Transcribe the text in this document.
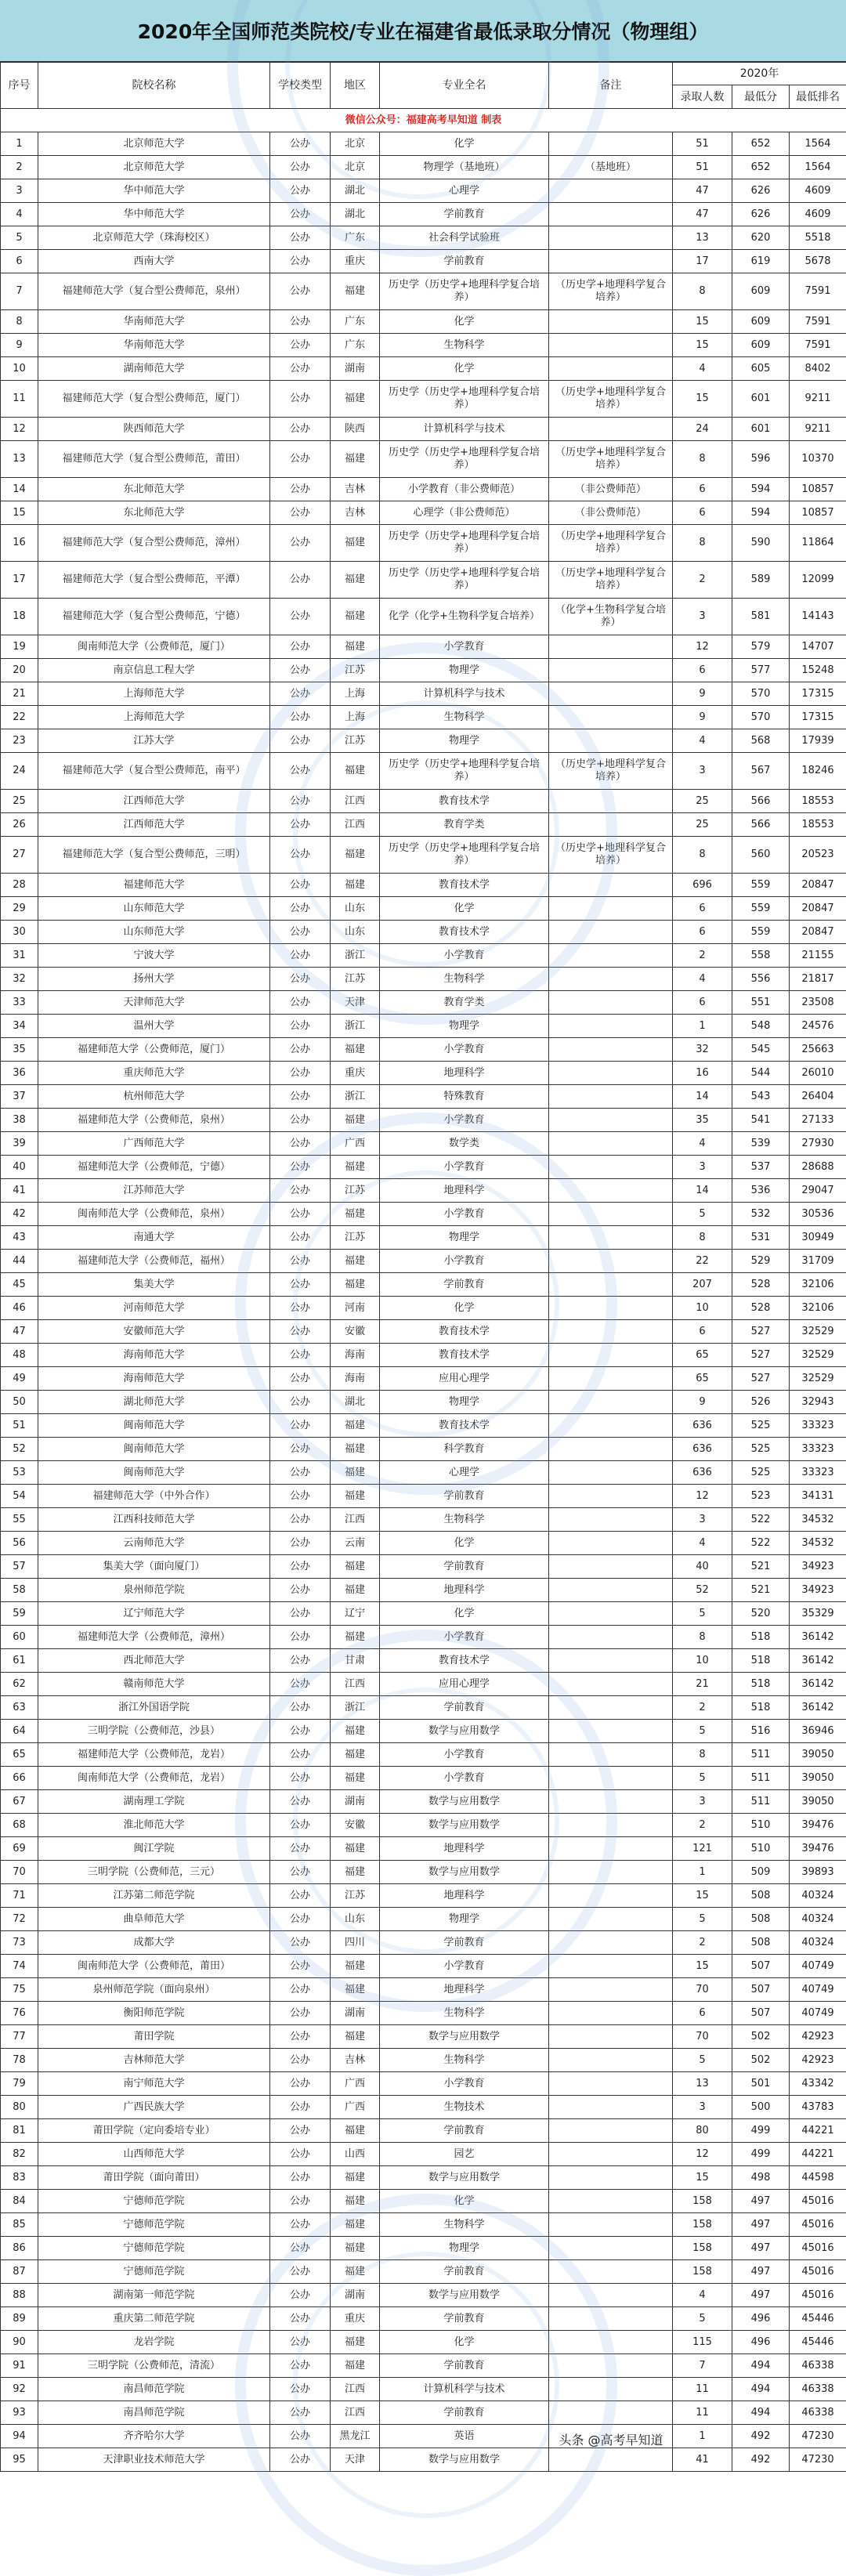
2020年全国师范类院校/专业在福建省最低录取分情况（物理组）
序号	院校名称	学校类型	地区	专业全名	备注	2020年		
						录取人数	最低分	最低排名
微信公众号：福建高考早知道 制表								
1	北京师范大学	公办	北京	化学		51	652	1564
2	北京师范大学	公办	北京	物理学（基地班）	（基地班）	51	652	1564
3	华中师范大学	公办	湖北	心理学		47	626	4609
4	华中师范大学	公办	湖北	学前教育		47	626	4609
5	北京师范大学（珠海校区）	公办	广东	社会科学试验班		13	620	5518
6	西南大学	公办	重庆	学前教育		17	619	5678
7	福建师范大学（复合型公费师范，泉州）	公办	福建	历史学（历史学+地理科学复合培养）	（历史学+地理科学复合培养）	8	609	7591
8	华南师范大学	公办	广东	化学		15	609	7591
9	华南师范大学	公办	广东	生物科学		15	609	7591
10	湖南师范大学	公办	湖南	化学		4	605	8402
11	福建师范大学（复合型公费师范，厦门）	公办	福建	历史学（历史学+地理科学复合培养）	（历史学+地理科学复合培养）	15	601	9211
12	陕西师范大学	公办	陕西	计算机科学与技术		24	601	9211
13	福建师范大学（复合型公费师范，莆田）	公办	福建	历史学（历史学+地理科学复合培养）	（历史学+地理科学复合培养）	8	596	10370
14	东北师范大学	公办	吉林	小学教育（非公费师范）	（非公费师范）	6	594	10857
15	东北师范大学	公办	吉林	心理学（非公费师范）	（非公费师范）	6	594	10857
16	福建师范大学（复合型公费师范，漳州）	公办	福建	历史学（历史学+地理科学复合培养）	（历史学+地理科学复合培养）	8	590	11864
17	福建师范大学（复合型公费师范，平潭）	公办	福建	历史学（历史学+地理科学复合培养）	（历史学+地理科学复合培养）	2	589	12099
18	福建师范大学（复合型公费师范，宁德）	公办	福建	化学（化学+生物科学复合培养）	（化学+生物科学复合培养）	3	581	14143
19	闽南师范大学（公费师范，厦门）	公办	福建	小学教育		12	579	14707
20	南京信息工程大学	公办	江苏	物理学		6	577	15248
21	上海师范大学	公办	上海	计算机科学与技术		9	570	17315
22	上海师范大学	公办	上海	生物科学		9	570	17315
23	江苏大学	公办	江苏	物理学		4	568	17939
24	福建师范大学（复合型公费师范，南平）	公办	福建	历史学（历史学+地理科学复合培养）	（历史学+地理科学复合培养）	3	567	18246
25	江西师范大学	公办	江西	教育技术学		25	566	18553
26	江西师范大学	公办	江西	教育学类		25	566	18553
27	福建师范大学（复合型公费师范，三明）	公办	福建	历史学（历史学+地理科学复合培养）	（历史学+地理科学复合培养）	8	560	20523
28	福建师范大学	公办	福建	教育技术学		696	559	20847
29	山东师范大学	公办	山东	化学		6	559	20847
30	山东师范大学	公办	山东	教育技术学		6	559	20847
31	宁波大学	公办	浙江	小学教育		2	558	21155
32	扬州大学	公办	江苏	生物科学		4	556	21817
33	天津师范大学	公办	天津	教育学类		6	551	23508
34	温州大学	公办	浙江	物理学		1	548	24576
35	福建师范大学（公费师范，厦门）	公办	福建	小学教育		32	545	25663
36	重庆师范大学	公办	重庆	地理科学		16	544	26010
37	杭州师范大学	公办	浙江	特殊教育		14	543	26404
38	福建师范大学（公费师范，泉州）	公办	福建	小学教育		35	541	27133
39	广西师范大学	公办	广西	数学类		4	539	27930
40	福建师范大学（公费师范，宁德）	公办	福建	小学教育		3	537	28688
41	江苏师范大学	公办	江苏	地理科学		14	536	29047
42	闽南师范大学（公费师范，泉州）	公办	福建	小学教育		5	532	30536
43	南通大学	公办	江苏	物理学		8	531	30949
44	福建师范大学（公费师范，福州）	公办	福建	小学教育		22	529	31709
45	集美大学	公办	福建	学前教育		207	528	32106
46	河南师范大学	公办	河南	化学		10	528	32106
47	安徽师范大学	公办	安徽	教育技术学		6	527	32529
48	海南师范大学	公办	海南	教育技术学		65	527	32529
49	海南师范大学	公办	海南	应用心理学		65	527	32529
50	湖北师范大学	公办	湖北	物理学		9	526	32943
51	闽南师范大学	公办	福建	教育技术学		636	525	33323
52	闽南师范大学	公办	福建	科学教育		636	525	33323
53	闽南师范大学	公办	福建	心理学		636	525	33323
54	福建师范大学（中外合作）	公办	福建	学前教育		12	523	34131
55	江西科技师范大学	公办	江西	生物科学		3	522	34532
56	云南师范大学	公办	云南	化学		4	522	34532
57	集美大学（面向厦门）	公办	福建	学前教育		40	521	34923
58	泉州师范学院	公办	福建	地理科学		52	521	34923
59	辽宁师范大学	公办	辽宁	化学		5	520	35329
60	福建师范大学（公费师范，漳州）	公办	福建	小学教育		8	518	36142
61	西北师范大学	公办	甘肃	教育技术学		10	518	36142
62	赣南师范大学	公办	江西	应用心理学		21	518	36142
63	浙江外国语学院	公办	浙江	学前教育		2	518	36142
64	三明学院（公费师范，沙县）	公办	福建	数学与应用数学		5	516	36946
65	福建师范大学（公费师范，龙岩）	公办	福建	小学教育		8	511	39050
66	闽南师范大学（公费师范，龙岩）	公办	福建	小学教育		5	511	39050
67	湖南理工学院	公办	湖南	数学与应用数学		3	511	39050
68	淮北师范大学	公办	安徽	数学与应用数学		2	510	39476
69	闽江学院	公办	福建	地理科学		121	510	39476
70	三明学院（公费师范，三元）	公办	福建	数学与应用数学		1	509	39893
71	江苏第二师范学院	公办	江苏	地理科学		15	508	40324
72	曲阜师范大学	公办	山东	物理学		5	508	40324
73	成都大学	公办	四川	学前教育		2	508	40324
74	闽南师范大学（公费师范，莆田）	公办	福建	小学教育		15	507	40749
75	泉州师范学院（面向泉州）	公办	福建	地理科学		70	507	40749
76	衡阳师范学院	公办	湖南	生物科学		6	507	40749
77	莆田学院	公办	福建	数学与应用数学		70	502	42923
78	吉林师范大学	公办	吉林	生物科学		5	502	42923
79	南宁师范大学	公办	广西	小学教育		13	501	43342
80	广西民族大学	公办	广西	生物技术		3	500	43783
81	莆田学院（定向委培专业）	公办	福建	学前教育		80	499	44221
82	山西师范大学	公办	山西	园艺		12	499	44221
83	莆田学院（面向莆田）	公办	福建	数学与应用数学		15	498	44598
84	宁德师范学院	公办	福建	化学		158	497	45016
85	宁德师范学院	公办	福建	生物科学		158	497	45016
86	宁德师范学院	公办	福建	物理学		158	497	45016
87	宁德师范学院	公办	福建	学前教育		158	497	45016
88	湖南第一师范学院	公办	湖南	数学与应用数学		4	497	45016
89	重庆第二师范学院	公办	重庆	学前教育		5	496	45446
90	龙岩学院	公办	福建	化学		115	496	45446
91	三明学院（公费师范，清流）	公办	福建	学前教育		7	494	46338
92	南昌师范学院	公办	江西	计算机科学与技术		11	494	46338
93	南昌师范学院	公办	江西	学前教育		11	494	46338
94	齐齐哈尔大学	公办	黑龙江	英语		1	492	47230
95	天津职业技术师范大学	公办	天津	数学与应用数学		41	492	47230
头条 @高考早知道
